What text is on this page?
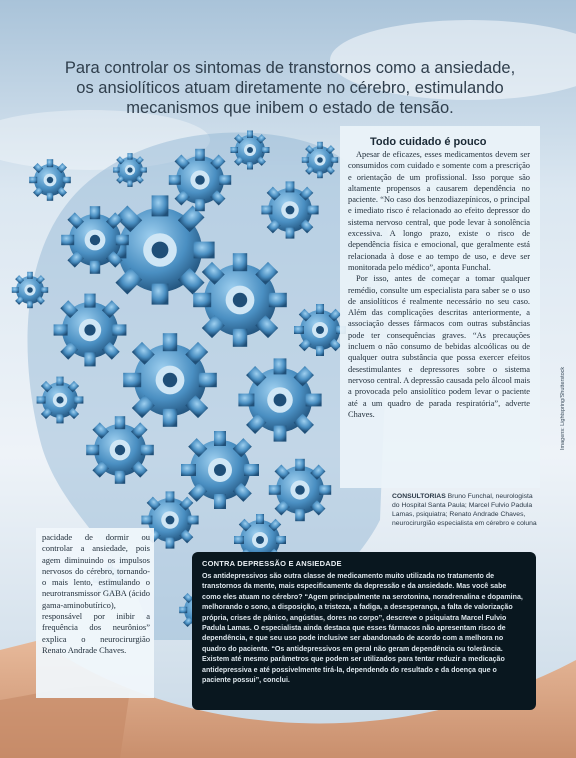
Para controlar os sintomas de transtornos como a ansiedade, os ansiolíticos atuam diretamente no cérebro, estimulando mecanismos que inibem o estado de tensão.
Todo cuidado é pouco

Apesar de eficazes, esses medicamentos devem ser consumidos com cuidado e somente com a prescrição e orientação de um profissional. Isso porque são altamente propensos a causarem dependência no paciente. “No caso dos benzodiazepínicos, o principal e imediato risco é relacionado ao efeito depressor do sistema nervoso central, que pode levar à sonolência excessiva. A longo prazo, existe o risco de dependência física e emocional, que geralmente está relacionada à dose e ao tempo de uso, e deve ser monitorada pelo médico”, aponta Funchal.

Por isso, antes de começar a tomar qualquer remédio, consulte um especialista para saber se o uso de ansiolíticos é realmente necessário no seu caso. Além das complicações descritas anteriormente, a associação desses fármacos com outras substâncias pode ter consequências graves. “As precauções incluem o não consumo de bebidas alcoólicas ou de qualquer outra substância que possa exercer efeitos desestimulantes e depressores sobre o sistema nervoso central. A depressão causada pelo álcool mais a provocada pelo ansiolítico podem levar o paciente até a um quadro de parada respiratória”, adverte Chaves.	Imagens: Lightspring/Shutterstock
CONSULTORIAS Bruno Funchal, neurologista do Hospital Santa Paula; Marcel Fulvio Padula Lamas, psiquiatra; Renato Andrade Chaves, neurocirurgião especialista em cérebro e coluna

pacidade de dormir ou controlar a ansiedade, pois agem diminuindo os impulsos nervosos do cérebro, tornando-o mais lento, estimulando o neurotransmissor GABA (ácido gama-aminobutírico), responsável por inibir a frequência dos neurônios” explica o neurocirurgião Renato Andrade Chaves.

CONTRA DEPRESSÃO E ANSIEDADE

Os antidepressivos são outra classe de medicamento muito utilizada no tratamento de transtornos da mente, mais especificamente da depressão e da ansiedade. Mas você sabe como eles atuam no cérebro? “Agem principalmente na serotonina, noradrenalina e dopamina, melhorando o sono, a disposição, a tristeza, a fadiga, a desesperança, a falta de valorização própria, crises de pânico, angústias, dores no corpo”, descreve o psiquiatra Marcel Fulvio Padula Lamas. O especialista ainda destaca que esses fármacos não apresentam risco de dependência, e que seu uso pode inclusive ser abandonado de acordo com a melhora no quadro do paciente. “Os antidepressivos em geral não geram dependência ou tolerância. Existem até mesmo parâmetros que podem ser utilizados para tentar reduzir a medicação antidepressiva e até possivelmente tirá-la, dependendo do resultado e da doença que o paciente possui”, conclui.
